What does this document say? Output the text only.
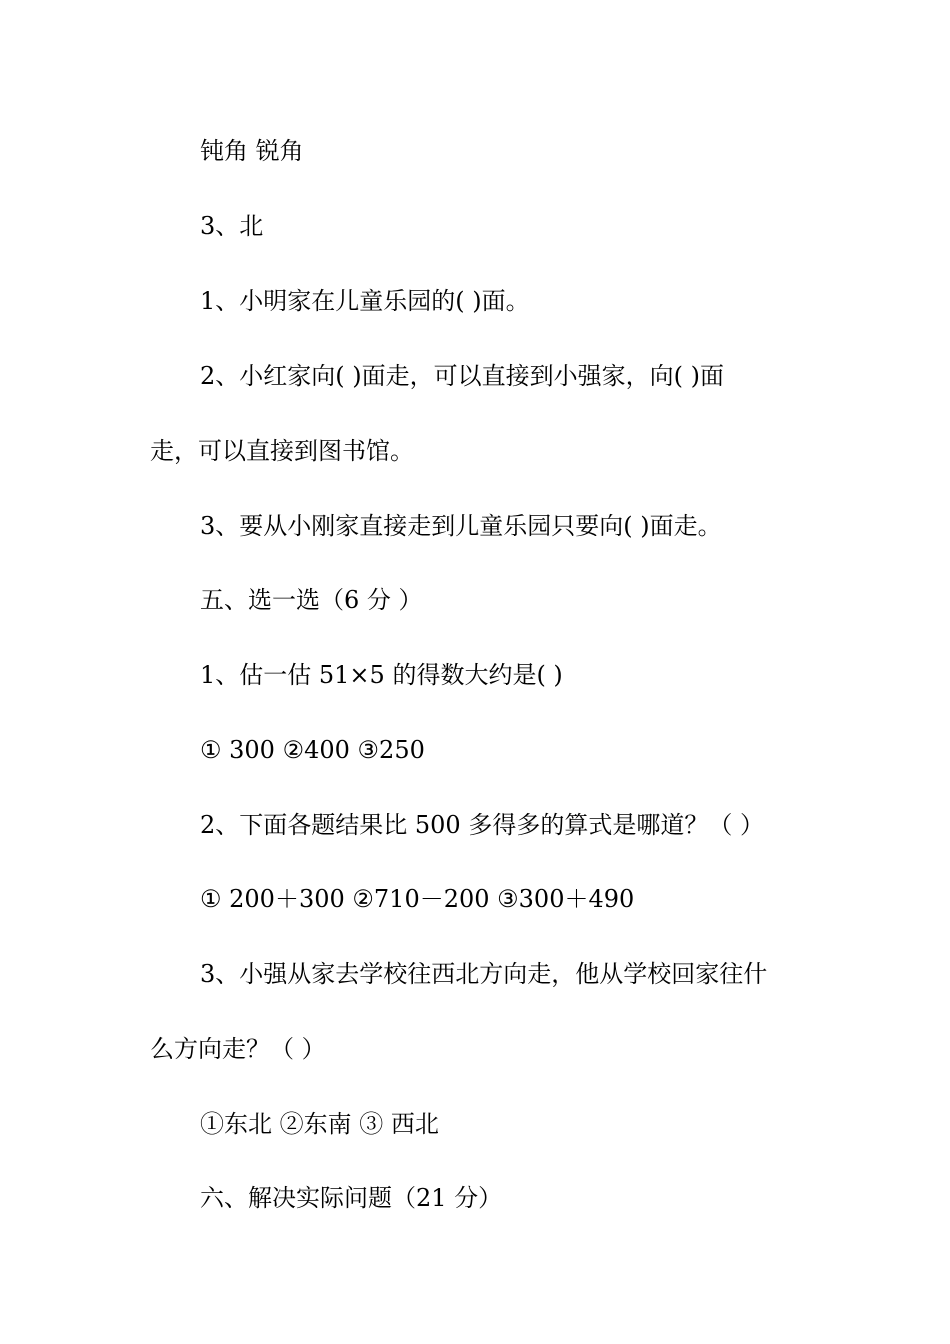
钝角 锐角
3、北
1、小明家在儿童乐园的( )面。
2、小红家向( )面走，可以直接到小强家，向( )面
走，可以直接到图书馆。
3、要从小刚家直接走到儿童乐园只要向( )面走。
五、选一选（6 分 ）
1、估一估 51×5 的得数大约是( )
① 300 ②400 ③250
2、下面各题结果比 500 多得多的算式是哪道？（ ）
① 200＋300 ②710－200 ③300＋490
3、小强从家去学校往西北方向走，他从学校回家往什
么方向走？（ ）
①东北 ②东南 ③ 西北
六、解决实际问题（21 分）
